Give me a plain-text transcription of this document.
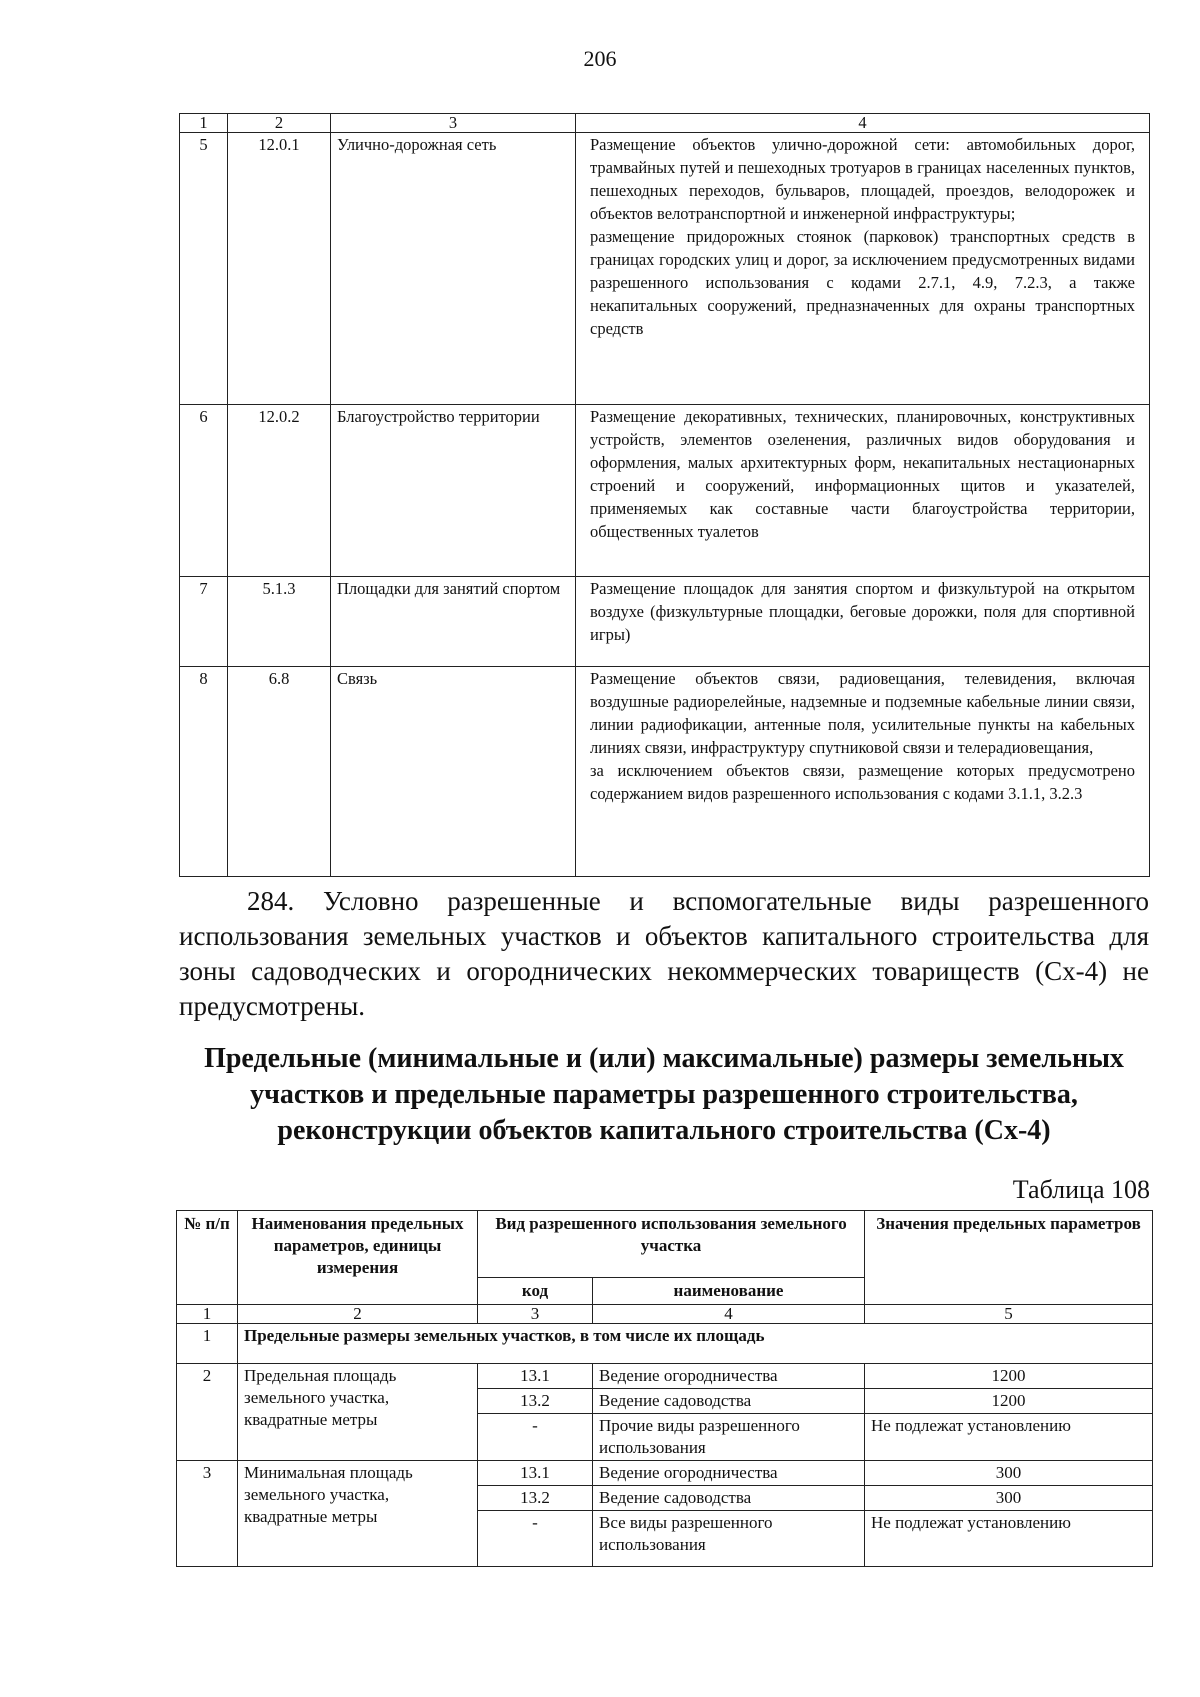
206
1	2	3	4
5	12.0.1	Улично-дорожная сеть	Размещение объектов улично-дорожной сети: автомобильных дорог, трамвайных путей и пешеходных тротуаров в границах населенных пунктов, пешеходных переходов, бульваров, площадей, проездов, велодорожек и объектов велотранспортной и инженерной инфраструктуры;
размещение придорожных стоянок (парковок) транспортных средств в границах городских улиц и дорог, за исключением предусмотренных видами разрешенного использования с кодами 2.7.1, 4.9, 7.2.3, а также некапитальных сооружений, предназначенных для охраны транспортных средств

6	12.0.2	Благоустройство территории	Размещение декоративных, технических, планировочных, конструктивных устройств, элементов озеленения, различных видов оборудования и оформления, малых архитектурных форм, некапитальных нестационарных строений и сооружений, информационных щитов и указателей, применяемых как составные части благоустройства территории, общественных туалетов

7	5.1.3	Площадки для занятий спортом	Размещение площадок для занятия спортом и физкультурой на открытом воздухе (физкультурные площадки, беговые дорожки, поля для спортивной игры)

8	6.8	Связь	Размещение объектов связи, радиовещания, телевидения, включая воздушные радиорелейные, надземные и подземные кабельные линии связи, линии радиофикации, антенные поля, усилительные пункты на кабельных линиях связи, инфраструктуру спутниковой связи и телерадиовещания,
за исключением объектов связи, размещение которых предусмотрено содержанием видов разрешенного использования с кодами 3.1.1, 3.2.3
284. Условно разрешенные и вспомогательные виды разрешенного использования земельных участков и объектов капитального строительства для зоны садоводческих и огороднических некоммерческих товариществ (Сх-4) не предусмотрены.
Предельные (минимальные и (или) максимальные) размеры земельных участков и предельные параметры разрешенного строительства, реконструкции объектов капитального строительства (Сх-4)
Таблица 108
№ п/п	Наименования предельных параметров, единицы измерения	Вид разрешенного использования земельного участка		Значения предельных параметров
		код	наименование	
1	2	3	4	5
1	Предельные размеры земельных участков, в том числе их площадь			
2	Предельная площадь земельного участка, квадратные метры	13.1	Ведение огородничества	1200
		13.2	Ведение садоводства	1200
		-	Прочие виды разрешенного использования	Не подлежат установлению
3	Минимальная площадь земельного участка, квадратные метры	13.1	Ведение огородничества	300
		13.2	Ведение садоводства	300
		-	Все виды разрешенного использования	Не подлежат установлению
